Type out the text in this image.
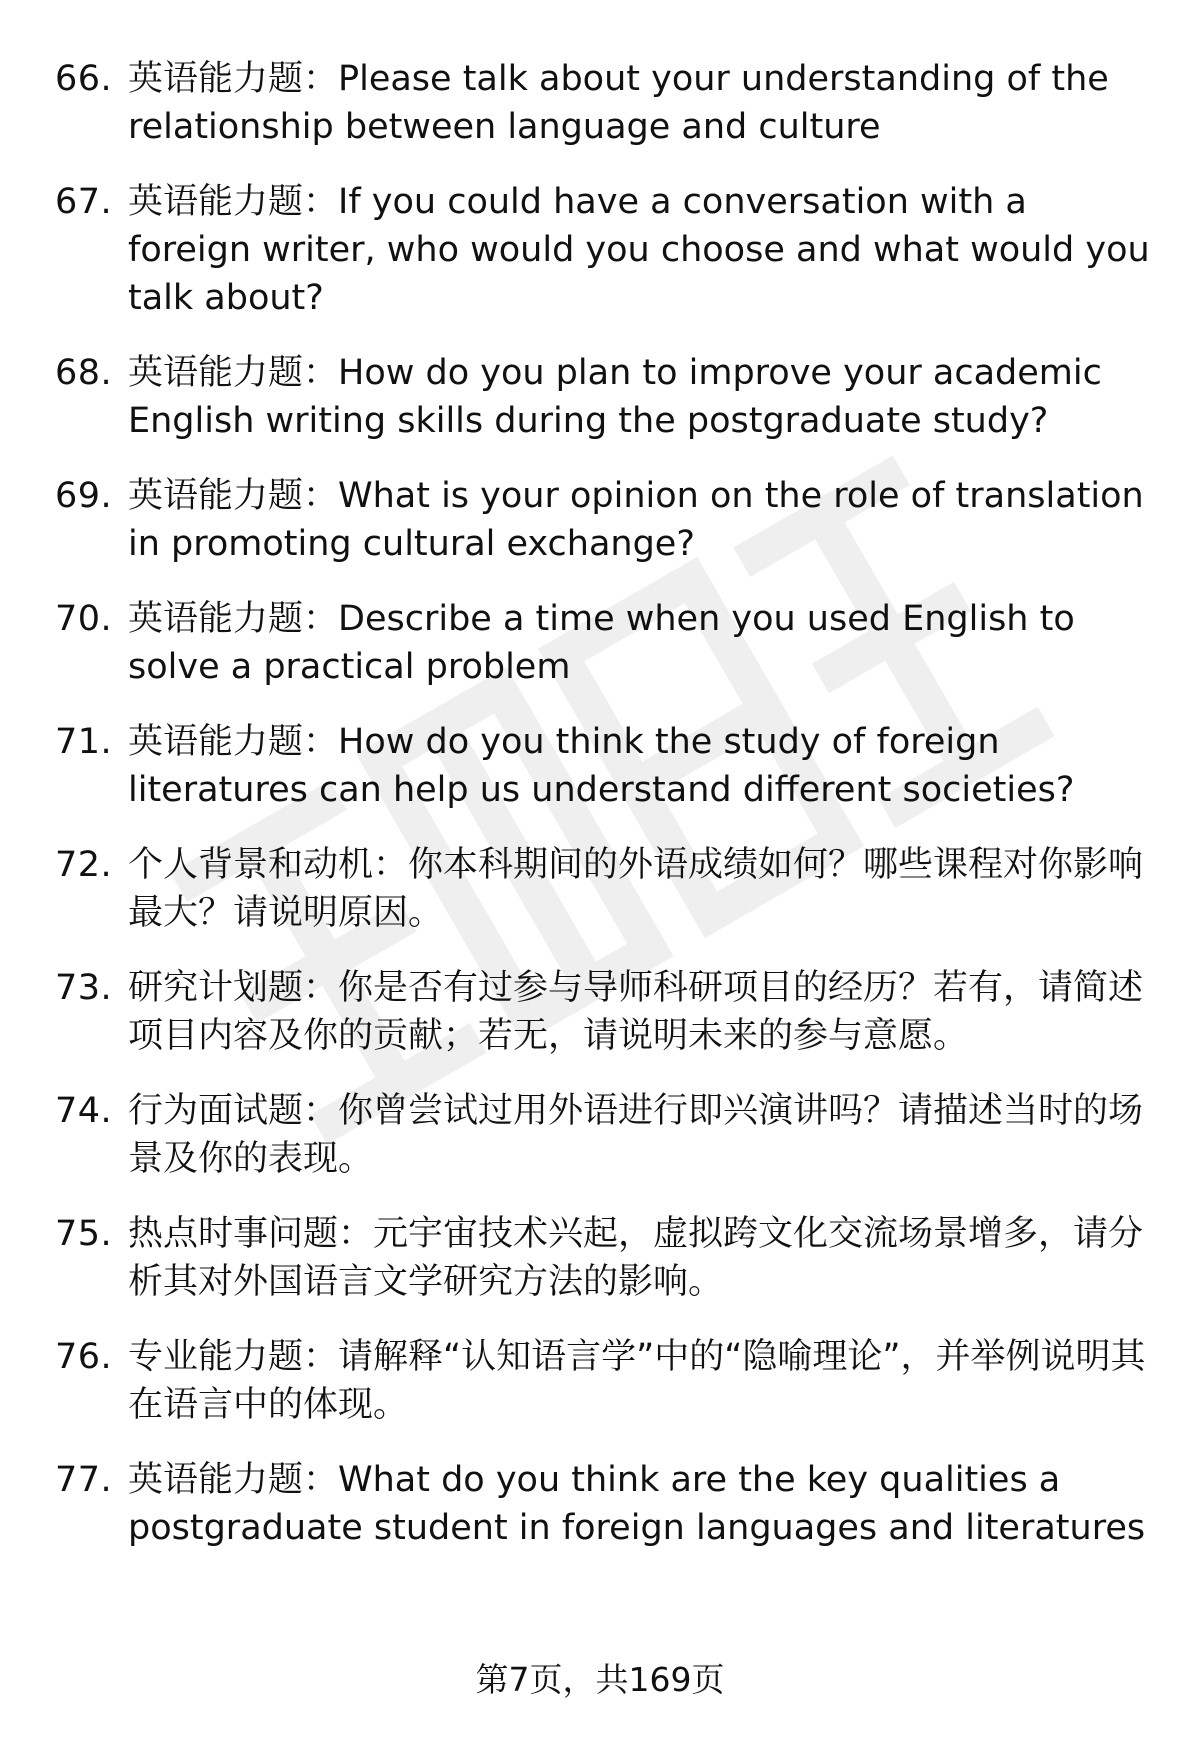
66. 英语能力题：Please talk about your understanding of the relationship between language and culture
67. 英语能力题：If you could have a conversation with a foreign writer, who would you choose and what would you talk about?
68. 英语能力题：How do you plan to improve your academic English writing skills during the postgraduate study?
69. 英语能力题：What is your opinion on the role of translation in promoting cultural exchange?
70. 英语能力题：Describe a time when you used English to solve a practical problem
71. 英语能力题：How do you think the study of foreign literatures can help us understand different societies?
72. 个人背景和动机：你本科期间的外语成绩如何？哪些课程对你影响最大？请说明原因。
73. 研究计划题：你是否有过参与导师科研项目的经历？若有，请简述项目内容及你的贡献；若无，请说明未来的参与意愿。
74. 行为面试题：你曾尝试过用外语进行即兴演讲吗？请描述当时的场景及你的表现。
75. 热点时事问题：元宇宙技术兴起，虚拟跨文化交流场景增多，请分析其对外国语言文学研究方法的影响。
76. 专业能力题：请解释“认知语言学”中的“隐喻理论”，并举例说明其在语言中的体现。
77. 英语能力题：What do you think are the key qualities a postgraduate student in foreign languages and literatures
第7页，共169页
